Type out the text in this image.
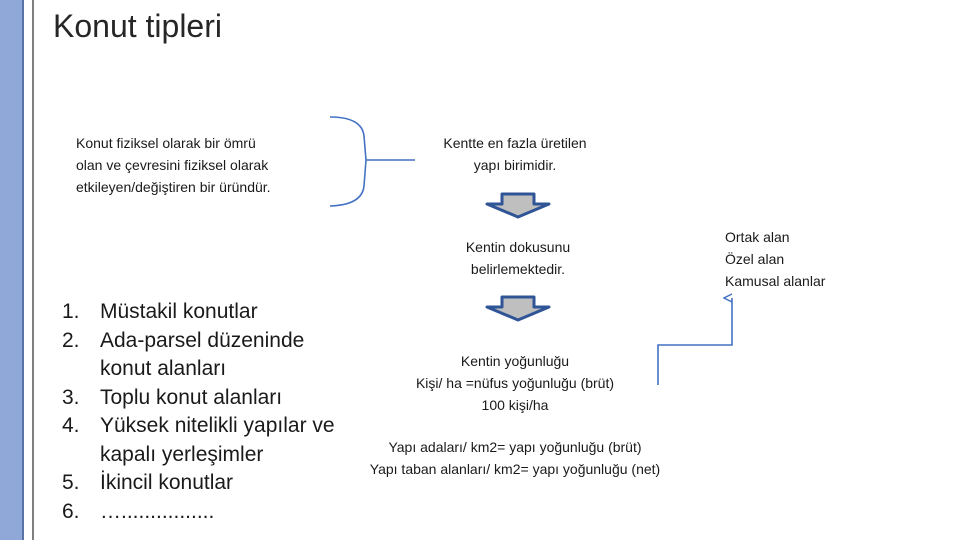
Konut tipleri
Konut fiziksel olarak bir ömrü
olan ve çevresini fiziksel olarak
etkileyen/değiştiren bir üründür.
Kentte en fazla üretilen
yapı birimidir.
Kentin dokusunu
belirlemektedir.
Kentin yoğunluğu
Kişi/ ha =nüfus yoğunluğu (brüt)
100 kişi/ha
Yapı adaları/ km2= yapı yoğunluğu (brüt)
Yapı taban alanları/ km2= yapı yoğunluğu (net)
Ortak alan
Özel alan
Kamusal alanlar
1. Müstakil konutlar
2. Ada-parsel düzeninde konut alanları
3. Toplu konut alanları
4. Yüksek nitelikli yapılar ve kapalı yerleşimler
5. İkincil konutlar
6. …................
